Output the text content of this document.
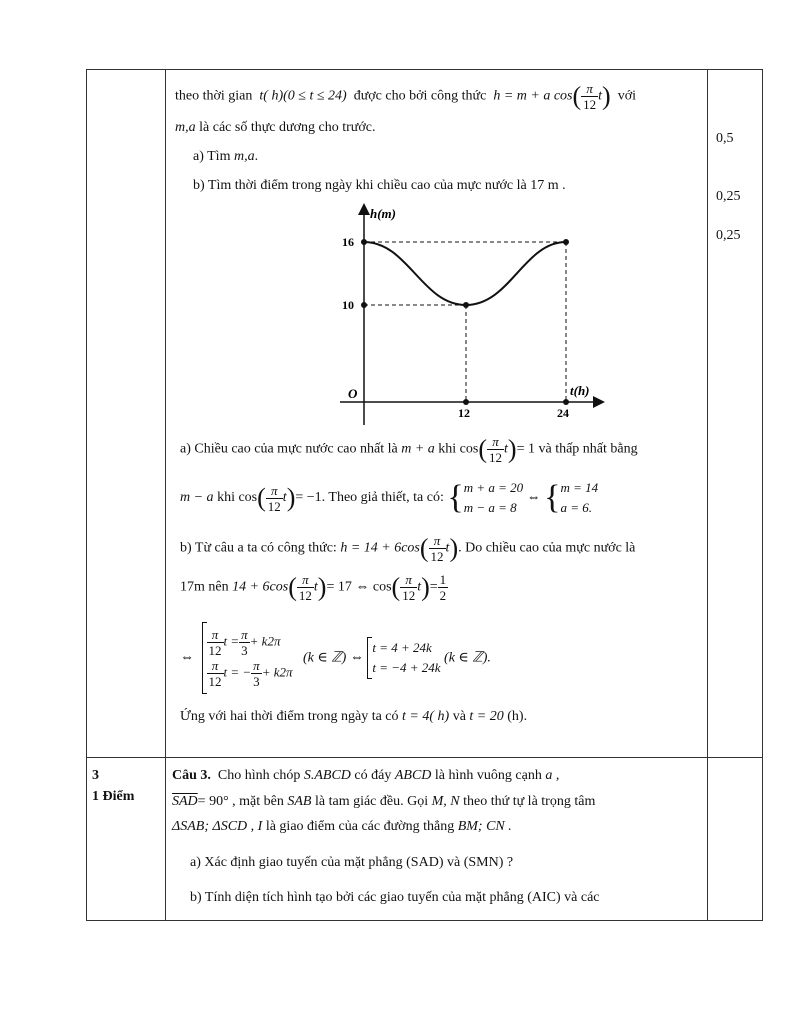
theo thời gian t( h)(0 ≤ t ≤ 24) được cho bởi công thức h = m + a $\cos( \frac{\pi}{12} t)$ với
m,a là các số thực dương cho trước.
a) Tìm m,a.
b) Tìm thời điểm trong ngày khi chiều cao của mực nước là 17 m .
0,5
0,25
0,25
h(m)
t(h)
O
16
10
12	24
a) Chiều cao của mực nước cao nhất là m + a khi $\cos( \frac{\pi}{12} t)= 1$ và thấp nhất bằng
m − a khi $\cos( \frac{\pi}{12} t)= -1$. Theo giả thiết, ta có: { m + a = 20
m − a = 8
⇔ { m = 14
a = 6.
b) Từ câu a ta có công thức: $h = 14 + 6\cos( \frac{\pi}{12} t)$. Do chiều cao của mực nước là
17m nên $14 + 6\cos( \frac{\pi}{12} t)= 17$ ⇔ $\cos( \frac{\pi}{12} t)= \frac{1}{2}$
⇔ $\frac{\pi}{12}$ $t = \frac{\pi}{3} + k2\pi$
$\frac{\pi}{12}$ t = − $\frac{\pi}{3} + k2\pi$
(k ∈ ℤ) ⇔
t = 4 + 24k
t = −4 + 24k
(k ∈ ℤ).
Ứng với hai thời điểm trong ngày ta có t = 4( h) và t = 20 (h).
3
1 Điểm
Câu 3. Cho hình chóp S.ABCD có đáy ABCD là hình vuông cạnh a ,
$\overline{SAD}= 90^\circ$ , mặt bên SAB là tam giác đều. Gọi M, N theo thứ tự là trọng tâm
ΔSAB; ΔSCD , I là giao điểm của các đường thẳng BM; CN .
a) Xác định giao tuyến của mặt phẳng (SAD) và (SMN) ?
b) Tính diện tích hình tạo bởi các giao tuyến của mặt phẳng (AIC) và các
